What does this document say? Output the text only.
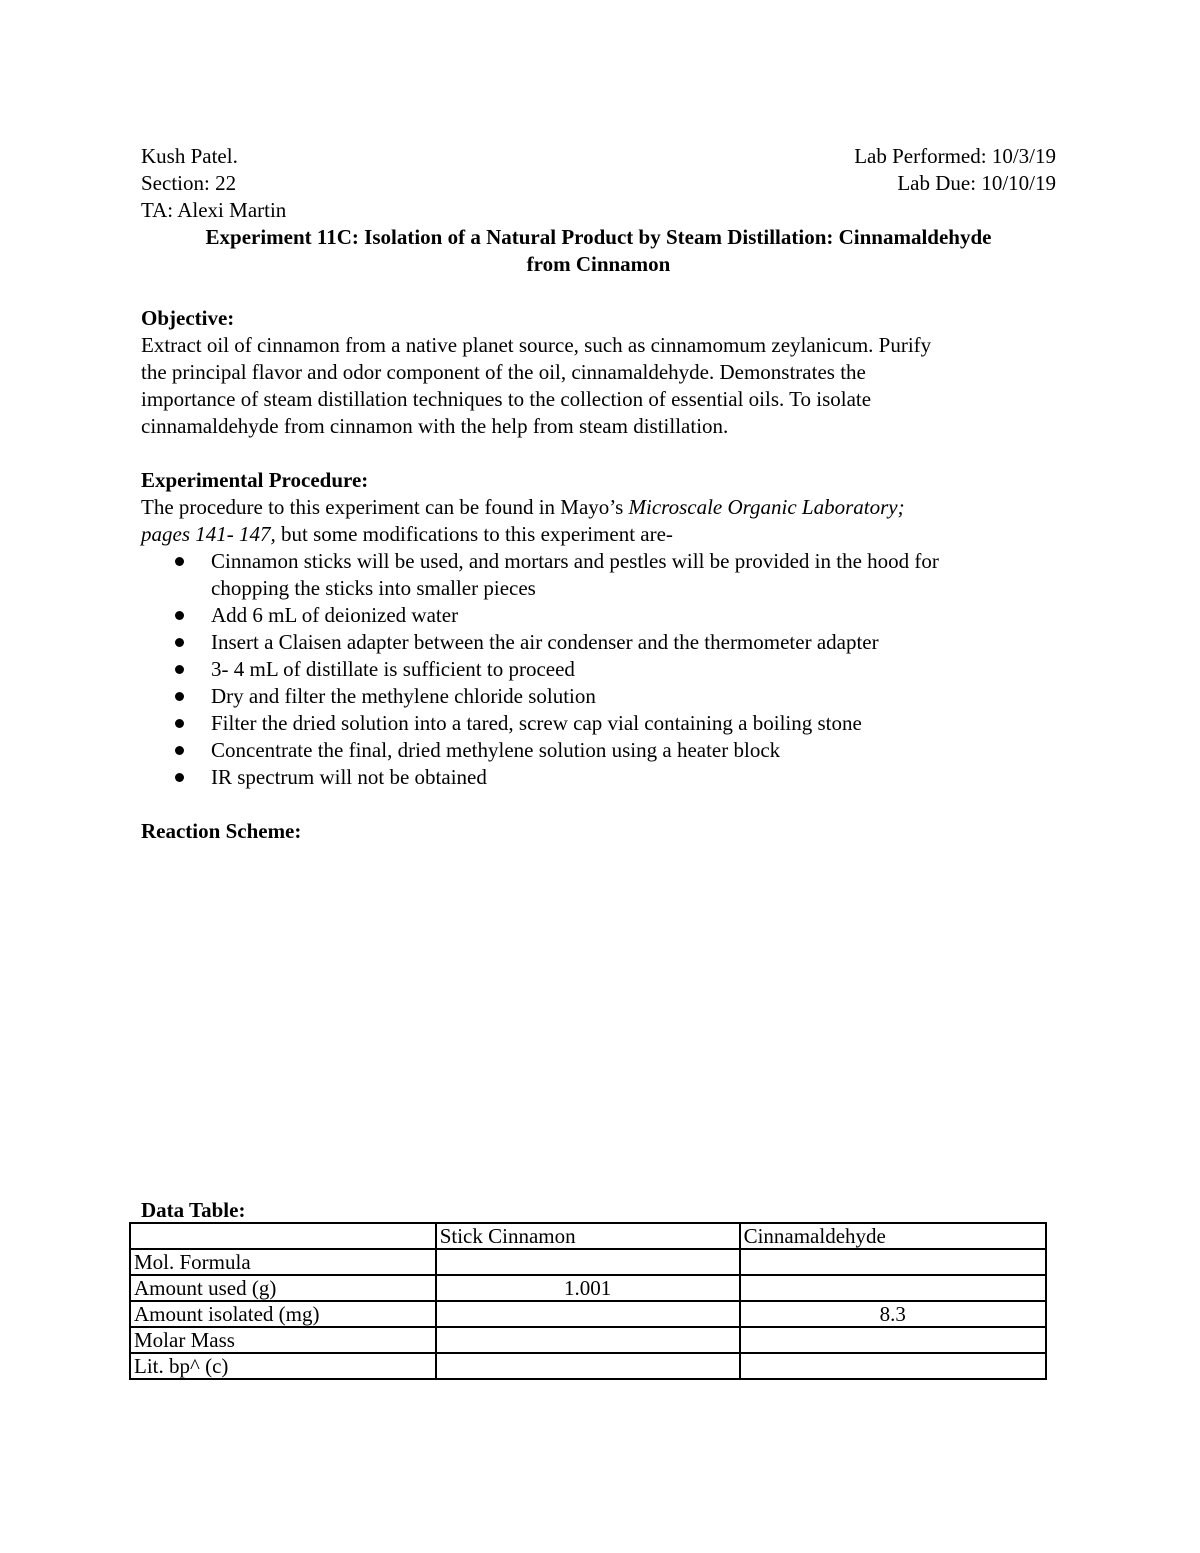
Kush Patel.	Lab Performed: 10/3/19
Section: 22	Lab Due: 10/10/19
TA: Alexi Martin
Experiment 11C: Isolation of a Natural Product by Steam Distillation: Cinnamaldehyde
from Cinnamon
Objective:
Extract oil of cinnamon from a native planet source, such as cinnamomum zeylanicum. Purify
the principal flavor and odor component of the oil, cinnamaldehyde. Demonstrates the
importance of steam distillation techniques to the collection of essential oils. To isolate
cinnamaldehyde from cinnamon with the help from steam distillation.
Experimental Procedure:
The procedure to this experiment can be found in Mayo’s Microscale Organic Laboratory;
pages 141- 147, but some modifications to this experiment are-
Cinnamon sticks will be used, and mortars and pestles will be provided in the hood for
chopping the sticks into smaller pieces
Add 6 mL of deionized water
Insert a Claisen adapter between the air condenser and the thermometer adapter
3- 4 mL of distillate is sufficient to proceed
Dry and filter the methylene chloride solution
Filter the dried solution into a tared, screw cap vial containing a boiling stone
Concentrate the final, dried methylene solution using a heater block
IR spectrum will not be obtained
Reaction Scheme:
Data Table:
	Stick Cinnamon	Cinnamaldehyde
Mol. Formula		
Amount used (g)	1.001	
Amount isolated (mg)		8.3
Molar Mass		
Lit. bp^ (c)		
